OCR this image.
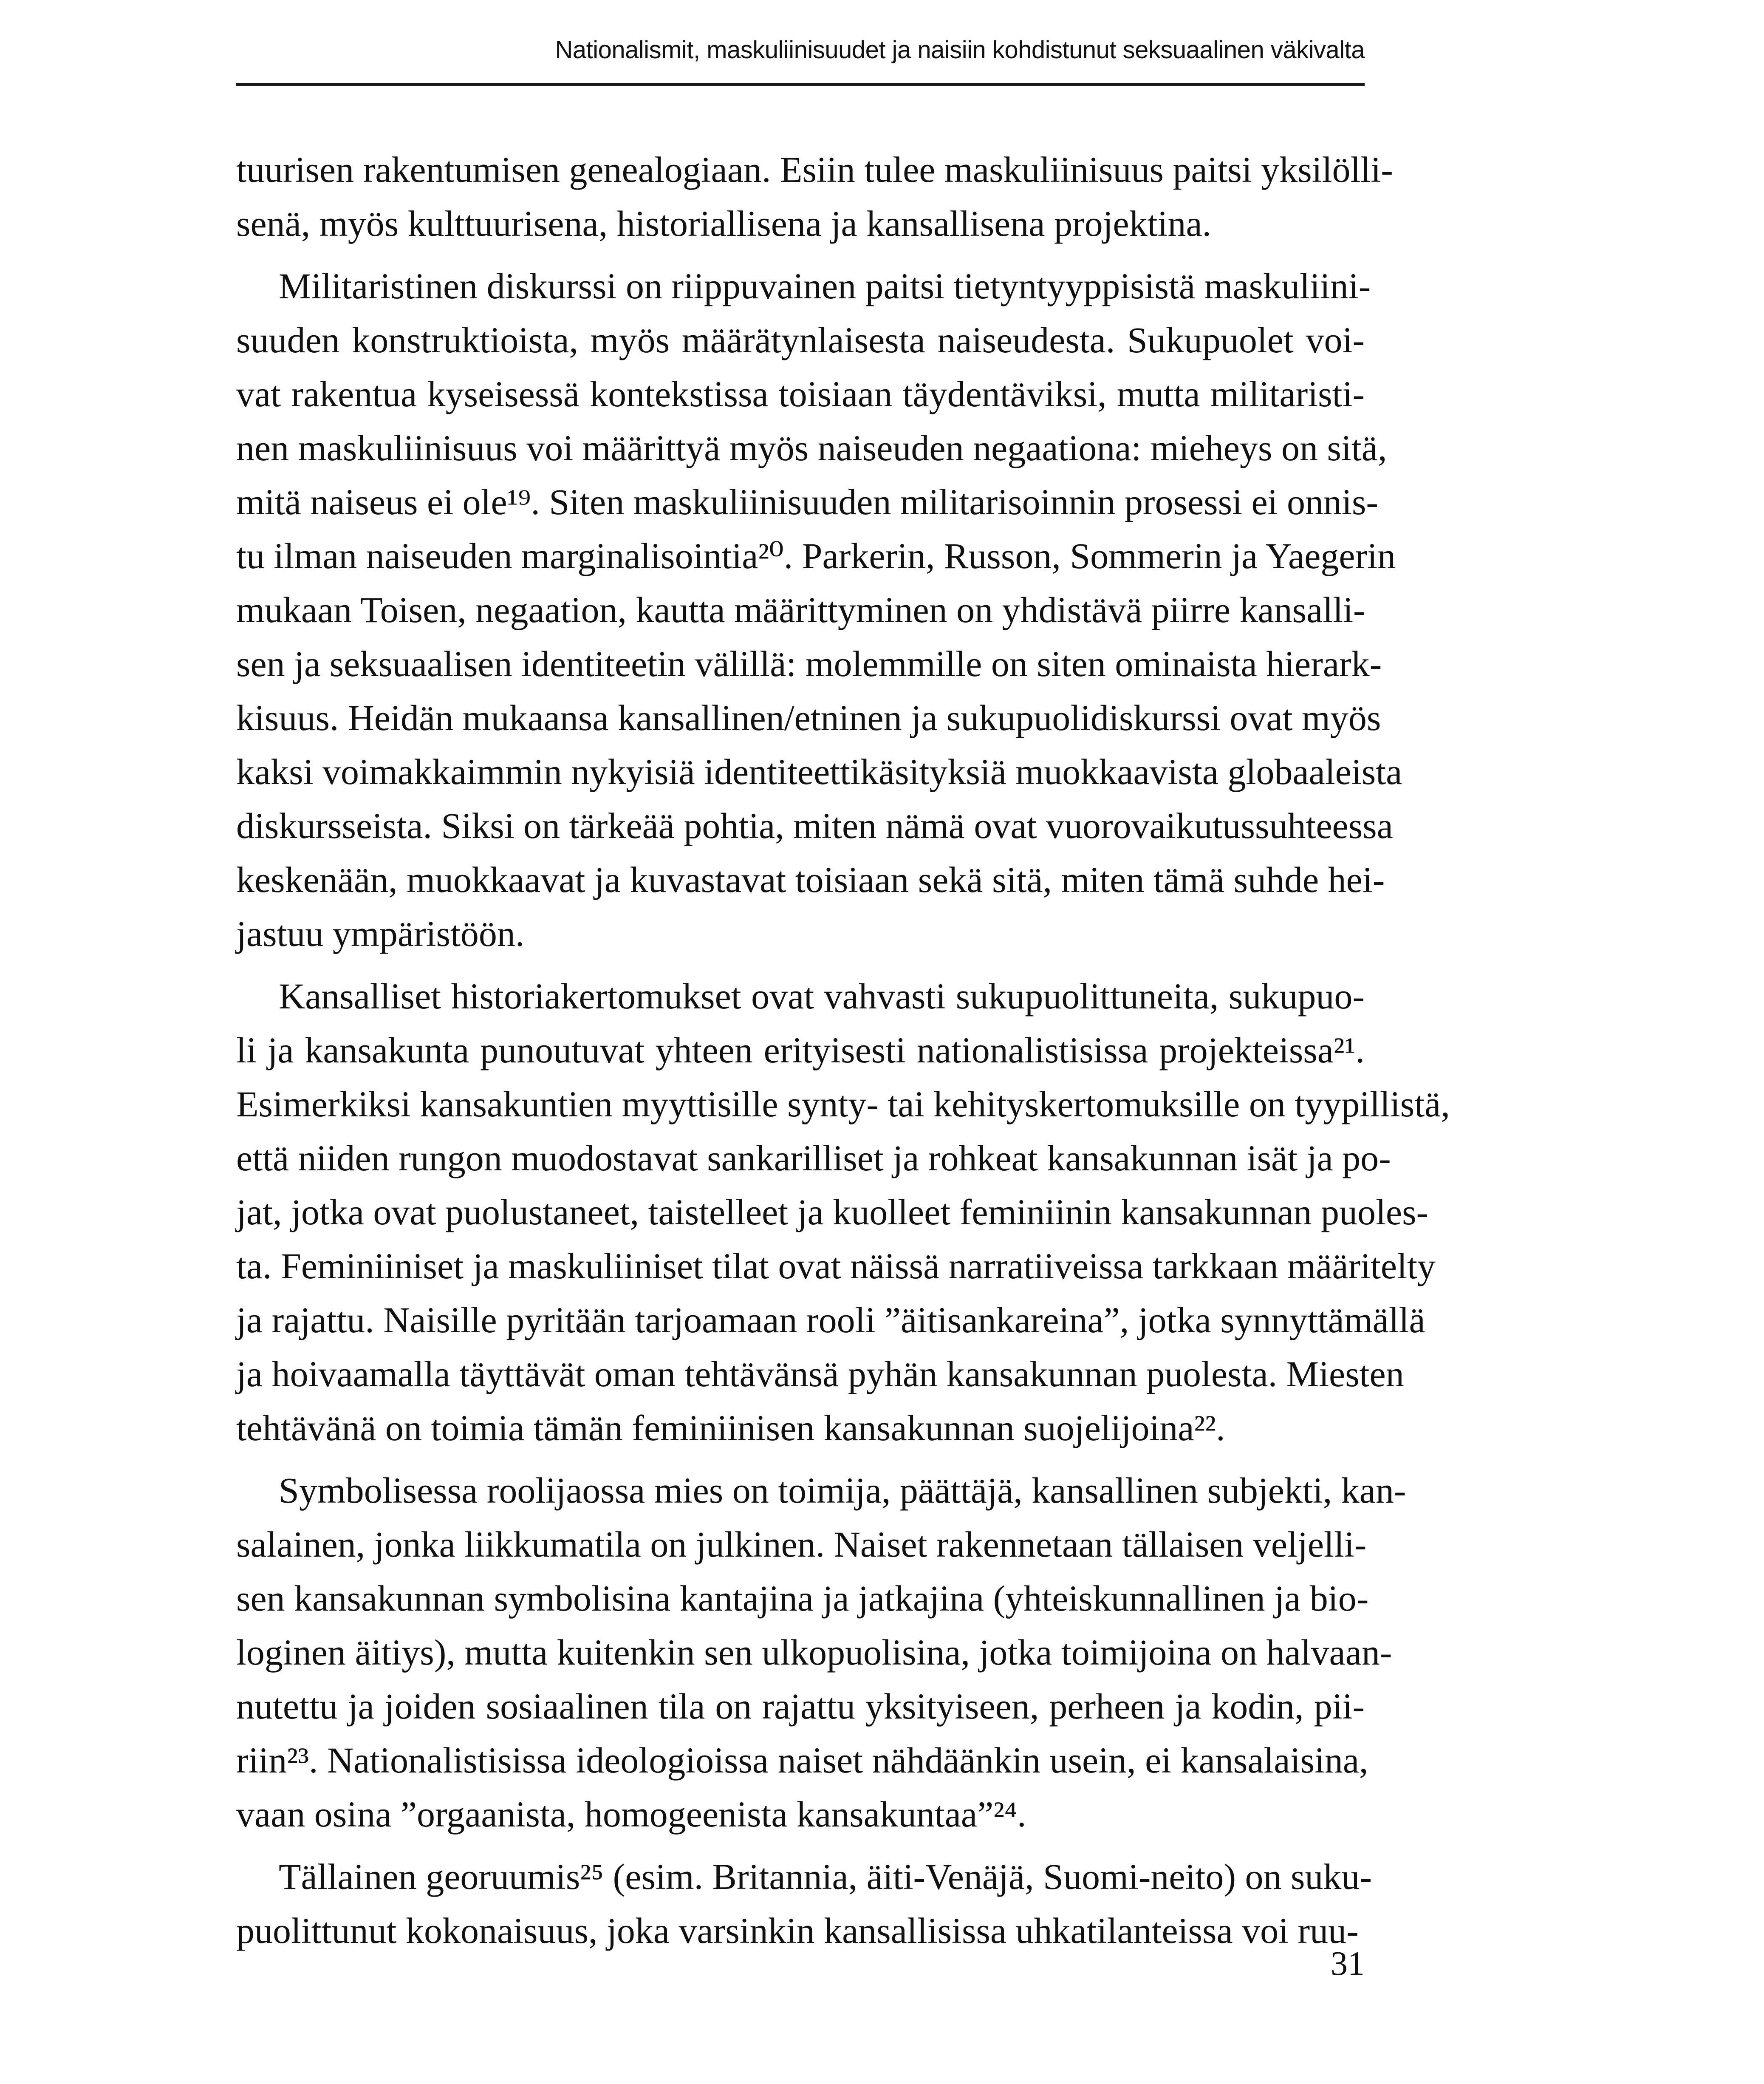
Nationalismit, maskuliinisuudet ja naisiin kohdistunut seksuaalinen väkivalta
tuurisen rakentumisen genealogiaan. Esiin tulee maskuliinisuus paitsi yksilölli-
senä, myös kulttuurisena, historiallisena ja kansallisena projektina.
Militaristinen diskurssi on riippuvainen paitsi tietyntyyppisistä maskuliini-
suuden konstruktioista, myös määrätynlaisesta naiseudesta. Sukupuolet voi-
vat rakentua kyseisessä kontekstissa toisiaan täydentäviksi, mutta militaristi-
nen maskuliinisuus voi määrittyä myös naiseuden negaationa: mieheys on sitä,
mitä naiseus ei ole¹⁹. Siten maskuliinisuuden militarisoinnin prosessi ei onnis-
tu ilman naiseuden marginalisointia²⁰. Parkerin, Russon, Sommerin ja Yaegerin
mukaan Toisen, negaation, kautta määrittyminen on yhdistävä piirre kansalli-
sen ja seksuaalisen identiteetin välillä: molemmille on siten ominaista hierark-
kisuus. Heidän mukaansa kansallinen/etninen ja sukupuolidiskurssi ovat myös
kaksi voimakkaimmin nykyisiä identiteettikäsityksiä muokkaavista globaaleista
diskursseista. Siksi on tärkeää pohtia, miten nämä ovat vuorovaikutussuhteessa
keskenään, muokkaavat ja kuvastavat toisiaan sekä sitä, miten tämä suhde hei-
jastuu ympäristöön.
Kansalliset historiakertomukset ovat vahvasti sukupuolittuneita, sukupuo-
li ja kansakunta punoutuvat yhteen erityisesti nationalistisissa projekteissa²¹.
Esimerkiksi kansakuntien myyttisille synty- tai kehityskertomuksille on tyypillistä,
että niiden rungon muodostavat sankarilliset ja rohkeat kansakunnan isät ja po-
jat, jotka ovat puolustaneet, taistelleet ja kuolleet feminiinin kansakunnan puoles-
ta. Feminiiniset ja maskuliiniset tilat ovat näissä narratiiveissa tarkkaan määritelty
ja rajattu. Naisille pyritään tarjoamaan rooli ”äitisankareina”, jotka synnyttämällä
ja hoivaamalla täyttävät oman tehtävänsä pyhän kansakunnan puolesta. Miesten
tehtävänä on toimia tämän feminiinisen kansakunnan suojelijoina²².
Symbolisessa roolijaossa mies on toimija, päättäjä, kansallinen subjekti, kan-
salainen, jonka liikkumatila on julkinen. Naiset rakennetaan tällaisen veljelli-
sen kansakunnan symbolisina kantajina ja jatkajina (yhteiskunnallinen ja bio-
loginen äitiys), mutta kuitenkin sen ulkopuolisina, jotka toimijoina on halvaan-
nutettu ja joiden sosiaalinen tila on rajattu yksityiseen, perheen ja kodin, pii-
riin²³. Nationalistisissa ideologioissa naiset nähdäänkin usein, ei kansalaisina,
vaan osina ”orgaanista, homogeenista kansakuntaa”²⁴.
Tällainen georuumis²⁵ (esim. Britannia, äiti-Venäjä, Suomi-neito) on suku-
puolittunut kokonaisuus, joka varsinkin kansallisissa uhkatilanteissa voi ruu-
31
